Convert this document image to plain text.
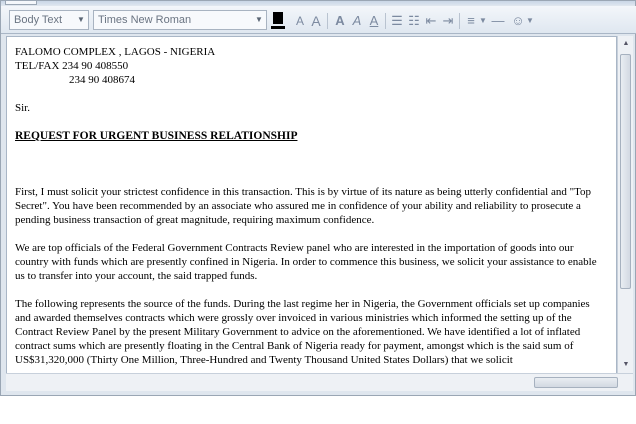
Body Text ▼	Times New Roman	▼	A A A A A ☰ ☷ ⇤ ⇥ ≡ ▼ — ☺ ▼

FALOMO COMPLEX , LAGOS - NIGERIA

TEL/FAX 234 90 408550

234 90 408674

Sir.

REQUEST FOR URGENT BUSINESS RELATIONSHIP

First, I must solicit your strictest confidence in this transaction. This is by virtue of its nature as being utterly confidential and "Top Secret". You have been recommended by an associate who assured me in confidence of your ability and reliability to prosecute a pending business transaction of great magnitude, requiring maximum confidence.

We are top officials of the Federal Government Contracts Review panel who are interested in the importation of goods into our country with funds which are presently confined in Nigeria. In order to commence this business, we solicit your assistance to enable us to transfer into your account, the said trapped funds.

The following represents the source of the funds. During the last regime her in Nigeria, the Government officials set up companies and awarded themselves contracts which were grossly over invoiced in various ministries which informed the setting up of the Contract Review Panel by the present Military Government to advice on the aforementioned. We have identified a lot of inflated contract sums which are presently floating in the Central Bank of Nigeria ready for payment, amongst which is the said sum of US$31,320,000 (Thirty One Million, Three-Hundred and Twenty Thousand United States Dollars) that we solicit

▲
▼
